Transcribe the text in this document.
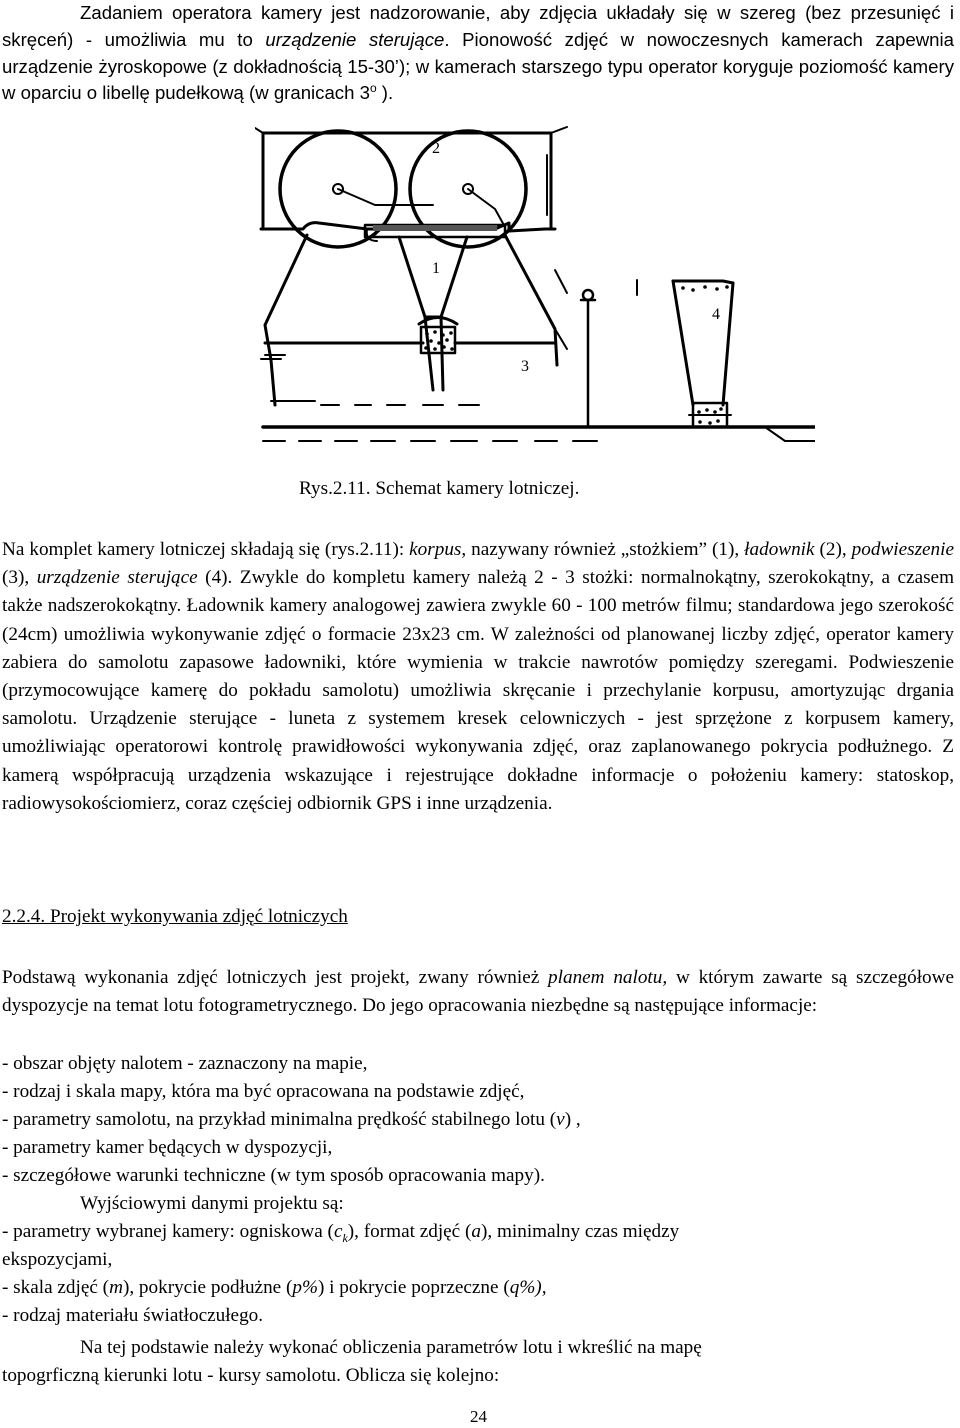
Zadaniem operatora kamery jest nadzorowanie, aby zdjęcia układały się w szereg (bez przesunięć i skręceń) - umożliwia mu to urządzenie sterujące. Pionowość zdjęć w nowoczesnych kamerach zapewnia urządzenie żyroskopowe (z dokładnością 15-30’); w kamerach starszego typu operator koryguje poziomość kamery w oparciu o libellę pudełkową (w granicach 3$^o$ ).

2
1
4
3
Rys.2.11. Schemat kamery lotniczej.

Na komplet kamery lotniczej składają się (rys.2.11): korpus, nazywany również „stożkiem” (1), ładownik (2), podwieszenie (3), urządzenie sterujące (4). Zwykle do kompletu kamery należą 2 - 3 stożki: normalnokątny, szerokokątny, a czasem także nadszerokokątny. Ładownik kamery analogowej zawiera zwykle 60 - 100 metrów filmu; standardowa jego szerokość (24cm) umożliwia wykonywanie zdjęć o formacie 23x23 cm. W zależności od planowanej liczby zdjęć, operator kamery zabiera do samolotu zapasowe ładowniki, które wymienia w trakcie nawrotów pomiędzy szeregami. Podwieszenie (przymocowujące kamerę do pokładu samolotu) umożliwia skręcanie i przechylanie korpusu, amortyzując drgania samolotu. Urządzenie sterujące - luneta z systemem kresek celowniczych - jest sprzężone z korpusem kamery, umożliwiając operatorowi kontrolę prawidłowości wykonywania zdjęć, oraz zaplanowanego pokrycia podłużnego. Z kamerą współpracują urządzenia wskazujące i rejestrujące dokładne informacje o położeniu kamery: statoskop, radiowysokościomierz, coraz częściej odbiornik GPS i inne urządzenia.

2.2.4. Projekt wykonywania zdjęć lotniczych

Podstawą wykonania zdjęć lotniczych jest projekt, zwany również planem nalotu, w którym zawarte są szczegółowe dyspozycje na temat lotu fotogrametrycznego. Do jego opracowania niezbędne są następujące informacje:

- obszar objęty nalotem - zaznaczony na mapie,
- rodzaj i skala mapy, która ma być opracowana na podstawie zdjęć,
- parametry samolotu, na przykład minimalna prędkość stabilnego lotu (v) ,
- parametry kamer będących w dyspozycji,
- szczegółowe warunki techniczne (w tym sposób opracowania mapy).
Wyjściowymi danymi projektu są:
- parametry wybranej kamery: ogniskowa $(c_k)$, format zdjęć (a), minimalny czas między
ekspozycjami,
- skala zdjęć (m), pokrycie podłużne (p%) i pokrycie poprzeczne (q%),
- rodzaj materiału światłoczułego.
Na tej podstawie należy wykonać obliczenia parametrów lotu i wkreślić na mapę
topogrficzną kierunki lotu - kursy samolotu. Oblicza się kolejno:
24
